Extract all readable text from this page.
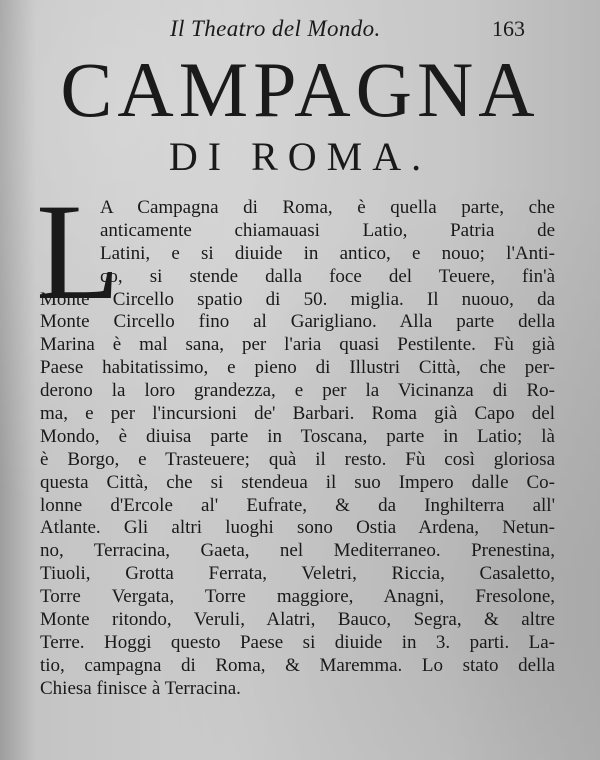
Il Theatro del Mondo.	163
CAMPAGNA
DI ROMA.
L
A Campagna di Roma, è quella parte, che
anticamente chiamauasi Latio, Patria de
Latini, e si diuide in antico, e nouo; l'Anti-
co, si stende dalla foce del Teuere, fin'à
Monte Circello spatio di 50. miglia. Il nuouo, da
Monte Circello fino al Garigliano. Alla parte della
Marina è mal sana, per l'aria quasi Pestilente. Fù già
Paese habitatissimo, e pieno di Illustri Città, che per-
derono la loro grandezza, e per la Vicinanza di Ro-
ma, e per l'incursioni de' Barbari. Roma già Capo del
Mondo, è diuisa parte in Toscana, parte in Latio; là
è Borgo, e Trasteuere; quà il resto. Fù così gloriosa
questa Città, che si stendeua il suo Impero dalle Co-
lonne d'Ercole al' Eufrate, & da Inghilterra all'
Atlante. Gli altri luoghi sono Ostia Ardena, Netun-
no, Terracina, Gaeta, nel Mediterraneo. Prenestina,
Tiuoli, Grotta Ferrata, Veletri, Riccia, Casaletto,
Torre Vergata, Torre maggiore, Anagni, Fresolone,
Monte ritondo, Veruli, Alatri, Bauco, Segra, & altre
Terre. Hoggi questo Paese si diuide in 3. parti. La-
tio, campagna di Roma, & Maremma. Lo stato della
Chiesa finisce à Terracina.
